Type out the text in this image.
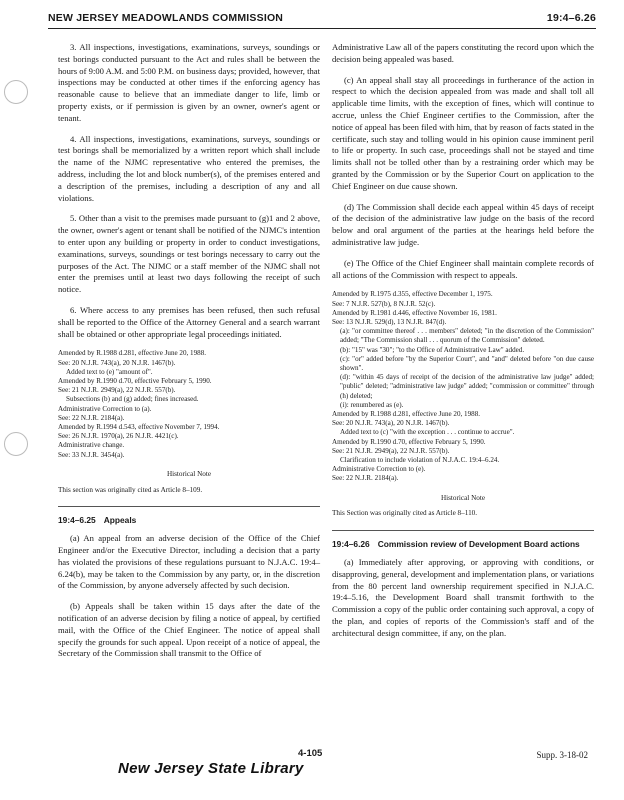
NEW JERSEY MEADOWLANDS COMMISSION	19:4–6.26

3. All inspections, investigations, examinations, surveys, soundings or test borings conducted pursuant to the Act and rules shall be between the hours of 9:00 A.M. and 5:00 P.M. on business days; provided, however, that inspections may be conducted at other times if the enforcing agency has reasonable cause to believe that an immediate danger to life, limb or property exists, or if permission is given by an owner, owner's agent or tenant.

4. All inspections, investigations, examinations, surveys, soundings or test borings shall be memorialized by a written report which shall include the name of the NJMC representative who entered the premises, the address, including the lot and block number(s), of the premises entered and a description of the premises, including a description of any and all violations.

5. Other than a visit to the premises made pursuant to (g)1 and 2 above, the owner, owner's agent or tenant shall be notified of the NJMC's intention to enter upon any building or property in order to conduct investigations, examinations, surveys, soundings or test borings necessary to carry out the purposes of the Act. The NJMC or a staff member of the NJMC shall not enter the premises until at least two days following the receipt of such notice.

6. Where access to any premises has been refused, then such refusal shall be reported to the Office of the Attorney General and a search warrant shall be obtained or other appropriate legal proceedings initiated.

Amended by R.1988 d.281, effective June 20, 1988.
See: 20 N.J.R. 743(a), 20 N.J.R. 1467(b).
Added text to (e) "amount of".
Amended by R.1990 d.70, effective February 5, 1990.
See: 21 N.J.R. 2949(a), 22 N.J.R. 557(b).
Subsections (b) and (g) added; fines increased.
Administrative Correction to (a).
See: 22 N.J.R. 2184(a).
Amended by R.1994 d.543, effective November 7, 1994.
See: 26 N.J.R. 1970(a), 26 N.J.R. 4421(c).
Administrative change.
See: 33 N.J.R. 3454(a).
Historical Note
This section was originally cited as Article 8–109.
19:4–6.25 Appeals

(a) An appeal from an adverse decision of the Office of the Chief Engineer and/or the Executive Director, including a decision that a party has violated the provisions of these regulations pursuant to N.J.A.C. 19:4–6.24(b), may be taken to the Commission by any party, or, in the discretion of the Commission, by anyone adversely affected by such decision.

(b) Appeals shall be taken within 15 days after the date of the notification of an adverse decision by filing a notice of appeal, by certified mail, with the Office of the Chief Engineer. The notice of appeal shall specify the grounds for such appeal. Upon receipt of a notice of appeal, the Secretary of the Commission shall transmit to the Office of

Administrative Law all of the papers constituting the record upon which the decision being appealed was based.

(c) An appeal shall stay all proceedings in furtherance of the action in respect to which the decision appealed from was made and shall toll all applicable time limits, with the exception of fines, which will continue to accrue, unless the Chief Engineer certifies to the Commission, after the notice of appeal has been filed with him, that by reason of facts stated in the certificate, such stay and tolling would in his opinion cause imminent peril to life or property. In such case, proceedings shall not be stayed and time limits shall not be tolled other than by a restraining order which may be granted by the Commission or by the Superior Court on application to the Chief Engineer on due cause shown.

(d) The Commission shall decide each appeal within 45 days of receipt of the decision of the administrative law judge on the basis of the record below and oral argument of the parties at the hearings held before the administrative law judge.

(e) The Office of the Chief Engineer shall maintain complete records of all actions of the Commission with respect to appeals.

Amended by R.1975 d.355, effective December 1, 1975.
See: 7 N.J.R. 527(b), 8 N.J.R. 52(c).
Amended by R.1981 d.446, effective November 16, 1981.
See: 13 N.J.R. 529(d), 13 N.J.R. 847(d).
(a): "or committee thereof . . . members" deleted; "in the discretion of the Commission" added; "The Commission shall . . . quorum of the Commission" deleted.
(b): "15" was "30"; "to the Office of Administrative Law" added.
(c): "or" added before "by the Superior Court", and "and" deleted before "on due cause shown".
(d): "within 45 days of receipt of the decision of the administrative law judge" added; "public" deleted; "administrative law judge" added; "commission or committee" through (h) deleted;
(i): renumbered as (e).
Amended by R.1988 d.281, effective June 20, 1988.
See: 20 N.J.R. 743(a), 20 N.J.R. 1467(b).
Added text to (c) "with the exception . . . continue to accrue".
Amended by R.1990 d.70, effective February 5, 1990.
See: 21 N.J.R. 2949(a), 22 N.J.R. 557(b).
Clarification to include violation of N.J.A.C. 19:4–6.24.
Administrative Correction to (e).
See: 22 N.J.R. 2184(a).
Historical Note
This Section was originally cited as Article 8–110.
19:4–6.26 Commission review of Development Board actions

(a) Immediately after approving, or approving with conditions, or disapproving, general, development and implementation plans, or variations from the 80 percent land ownership requirement specified in N.J.A.C. 19:4–5.16, the Development Board shall transmit forthwith to the Commission a copy of the public order containing such approval, a copy of the plan, and copies of reports of the Commission's staff and of the architectural design committee, if any, on the plan.

4-105	Supp. 3-18-02
New Jersey State Library
